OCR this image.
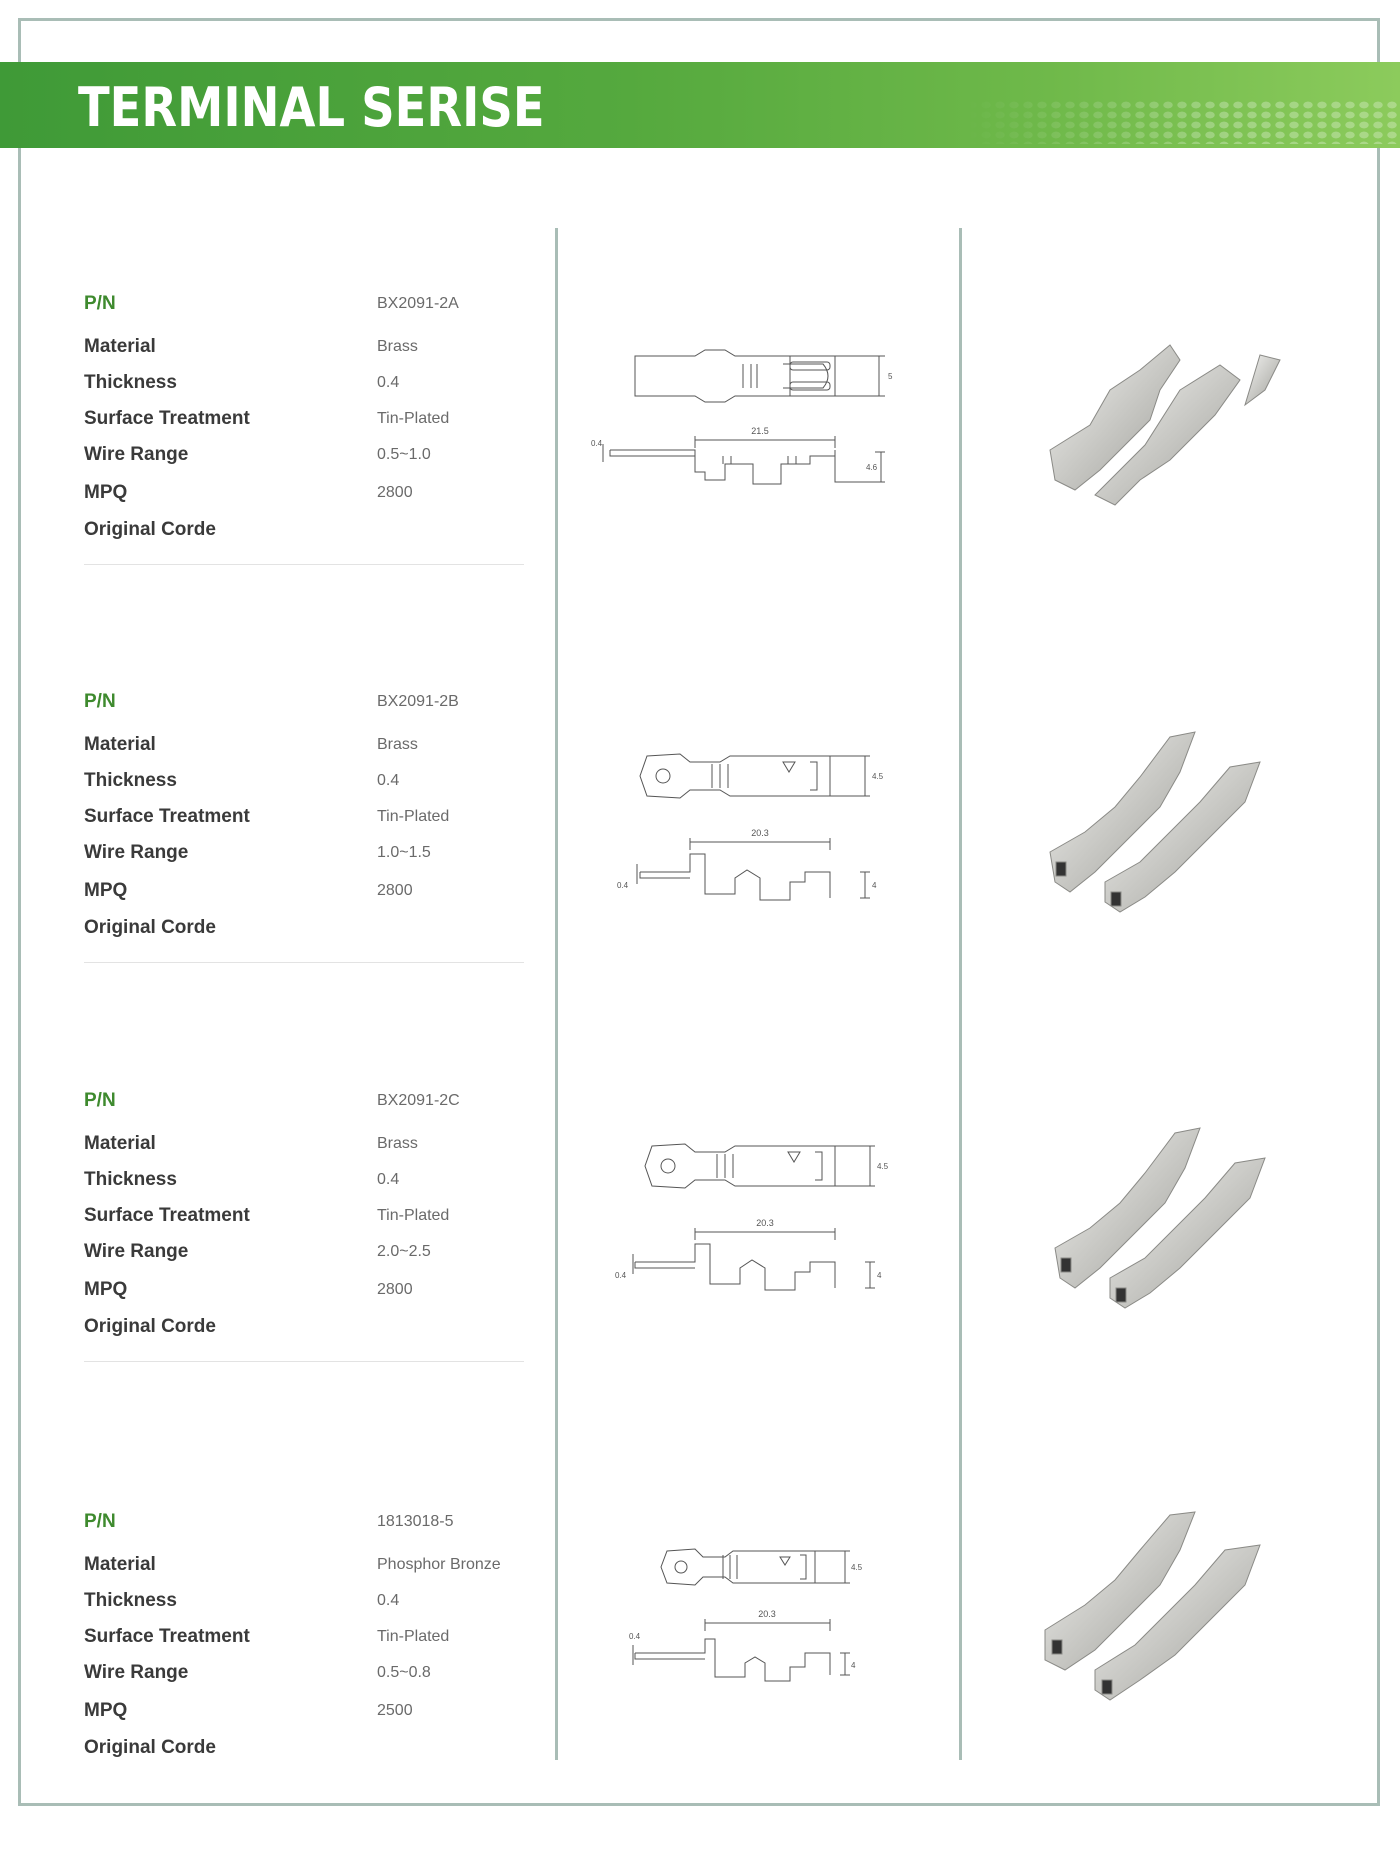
TERMINAL SERISE
P/N	BX2091-2A
Material	Brass
Thickness	0.4
Surface Treatment	Tin-Plated
Wire Range	0.5~1.0
MPQ	2800
Original Corde
21.5
0.4
5
4.6
P/N	BX2091-2B
Material	Brass
Thickness	0.4
Surface Treatment	Tin-Plated
Wire Range	1.0~1.5
MPQ	2800
Original Corde
20.3
0.4
4.5
4
P/N	BX2091-2C
Material	Brass
Thickness	0.4
Surface Treatment	Tin-Plated
Wire Range	2.0~2.5
MPQ	2800
Original Corde
20.3
0.4
4.5
4
P/N	1813018-5
Material	Phosphor Bronze
Thickness	0.4
Surface Treatment	Tin-Plated
Wire Range	0.5~0.8
MPQ	2500
Original Corde
20.3
0.4
4.5
4
